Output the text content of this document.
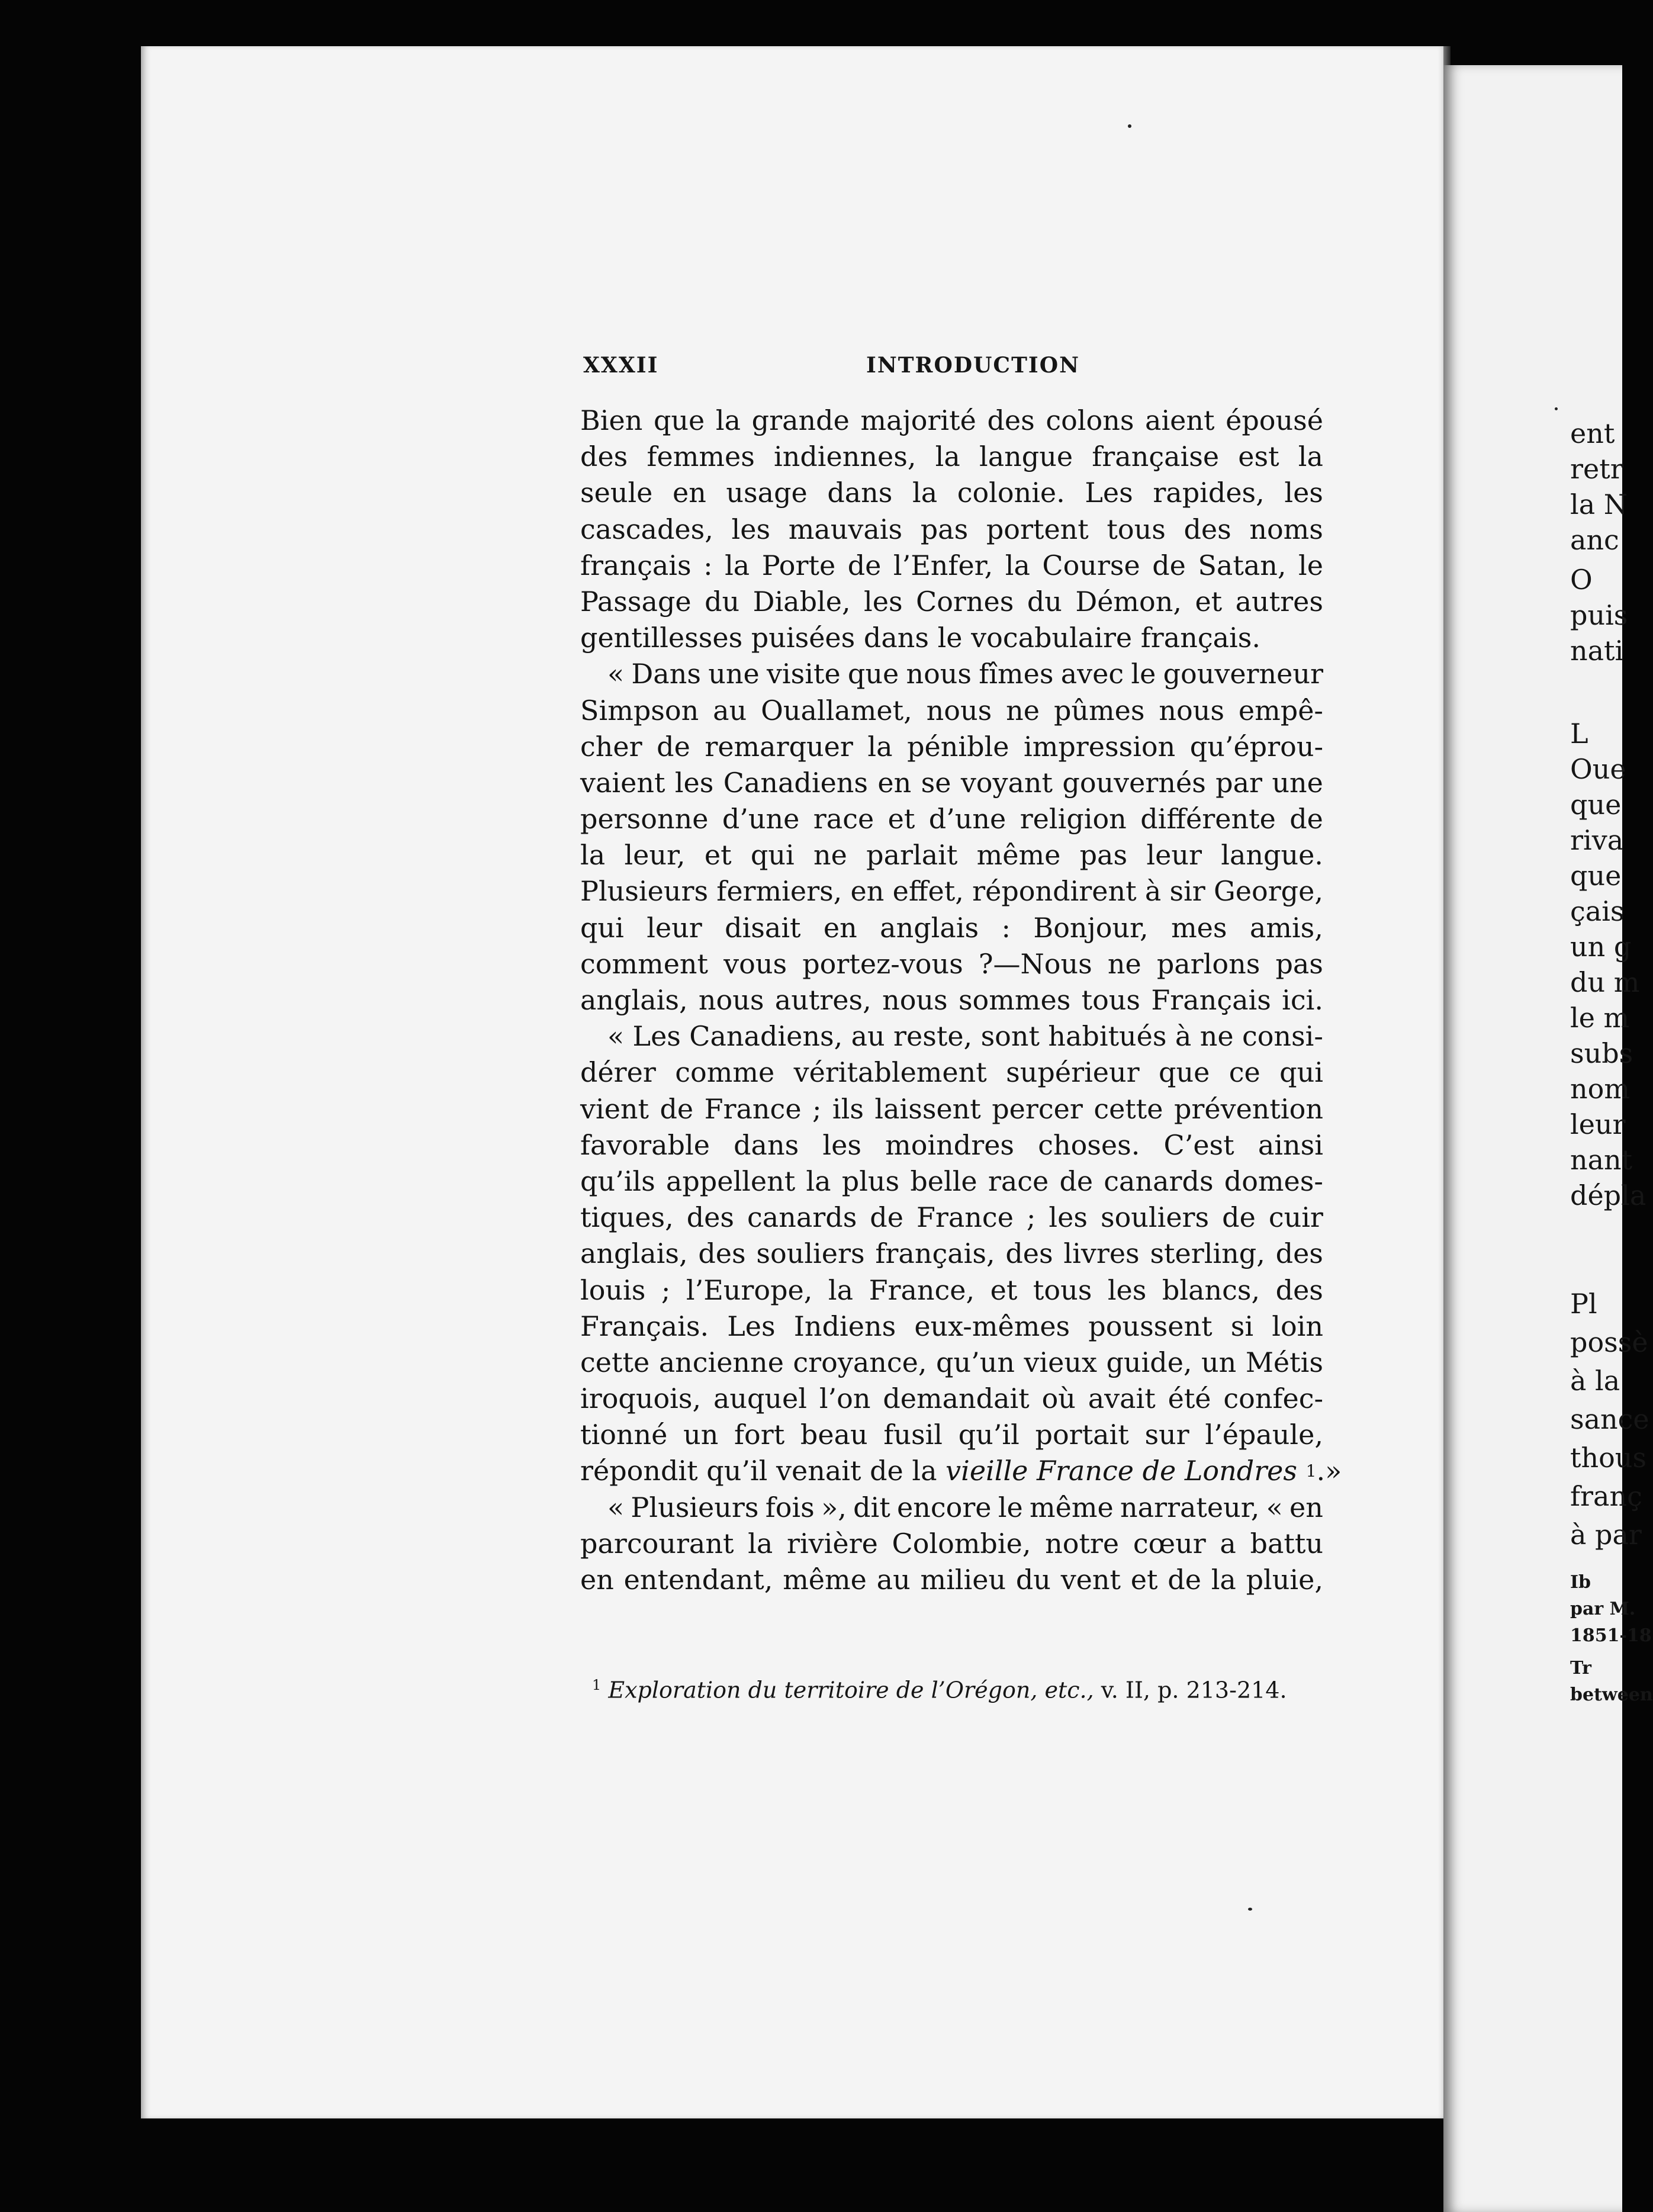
XXXII	INTRODUCTION
Bien que la grande majorité des colons aient épousé
des femmes indiennes, la langue française est la
seule en usage dans la colonie. Les rapides, les
cascades, les mauvais pas portent tous des noms
français : la Porte de l’Enfer, la Course de Satan, le
Passage du Diable, les Cornes du Démon, et autres
gentillesses puisées dans le vocabulaire français.
« Dans une visite que nous fîmes avec le gouverneur
Simpson au Ouallamet, nous ne pûmes nous empê-
cher de remarquer la pénible impression qu’éprou-
vaient les Canadiens en se voyant gouvernés par une
personne d’une race et d’une religion différente de
la leur, et qui ne parlait même pas leur langue.
Plusieurs fermiers, en effet, répondirent à sir George,
qui leur disait en anglais : Bonjour, mes amis,
comment vous portez-vous ?—Nous ne parlons pas
anglais, nous autres, nous sommes tous Français ici.
« Les Canadiens, au reste, sont habitués à ne consi-
dérer comme véritablement supérieur que ce qui
vient de France ; ils laissent percer cette prévention
favorable dans les moindres choses. C’est ainsi
qu’ils appellent la plus belle race de canards domes-
tiques, des canards de France ; les souliers de cuir
anglais, des souliers français, des livres sterling, des
louis ; l’Europe, la France, et tous les blancs, des
Français. Les Indiens eux-mêmes poussent si loin
cette ancienne croyance, qu’un vieux guide, un Métis
iroquois, auquel l’on demandait où avait été confec-
tionné un fort beau fusil qu’il portait sur l’épaule,
répondit qu’il venait de la
vieille France de Londres
1 .»
« Plusieurs fois », dit encore le même narrateur, « en
parcourant la rivière Colombie, notre cœur a battu
en entendant, même au milieu du vent et de la pluie,
$^1$ Exploration du territoire de l’Orégon, etc., v. II, p. 213-214.
ent
retr
la N
anc
O
puis
nati
L
Oue
que
riva
que
çais
un g
du m
le m
subs
nom
leur
nant
dépla
Pl
possè
à la
sance
thous
franç
à par
Ib
par M.
1851-18
Tr
between
